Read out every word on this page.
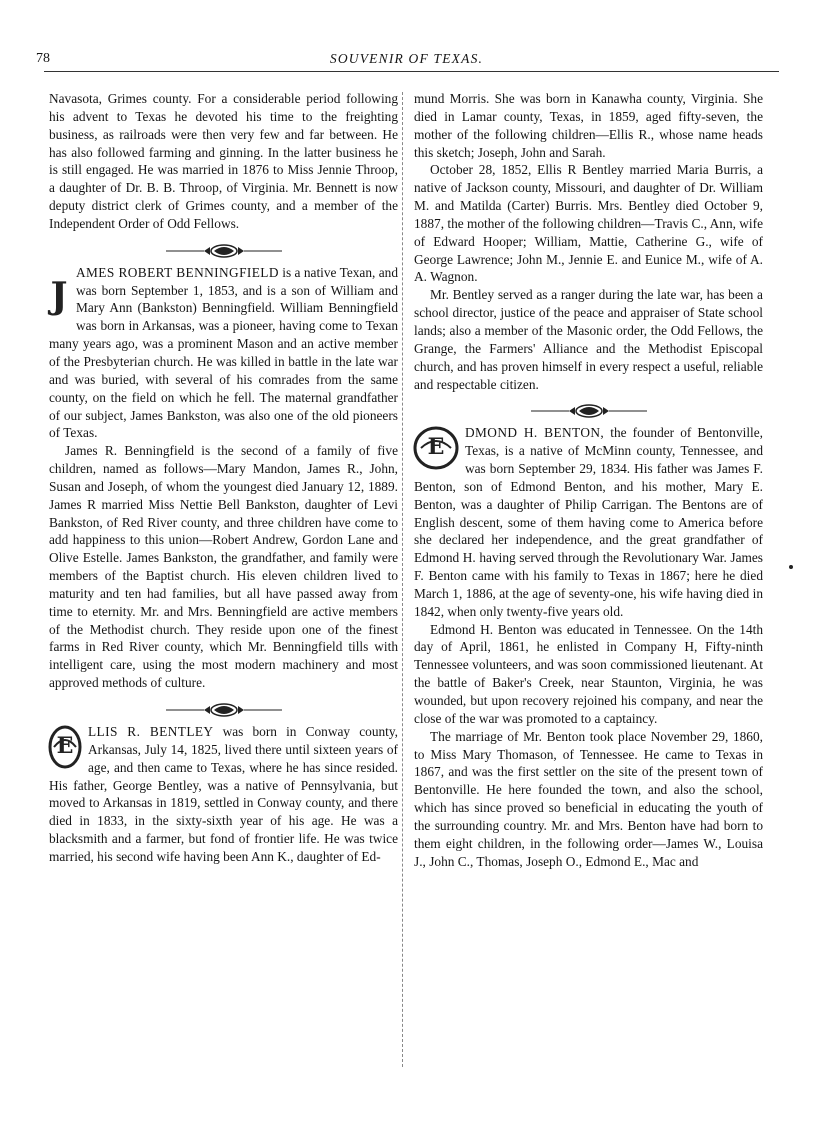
78	SOUVENIR OF TEXAS.

Navasota, Grimes county. For a considerable period following his advent to Texas he devoted his time to the freighting business, as railroads were then very few and far between. He has also followed farming and ginning. In the latter business he is still engaged. He was married in 1876 to Miss Jennie Throop, a daughter of Dr. B. B. Throop, of Virginia. Mr. Bennett is now deputy district clerk of Grimes county, and a member of the Independent Order of Odd Fellows.

J
AMES ROBERT BENNINGFIELD is a native Texan, and was born September 1, 1853, and is a son of William and Mary Ann (Bankston) Benningfield. William Benningfield was born in Arkansas, was a pioneer, having come to Texan many years ago, was a prominent Mason and an active member of the Presbyterian church. He was killed in battle in the late war and was buried, with several of his comrades from the same county, on the field on which he fell. The maternal grandfather of our subject, James Bankston, was also one of the old pioneers of Texas.

James R. Benningfield is the second of a family of five children, named as follows—Mary Mandon, James R., John, Susan and Joseph, of whom the youngest died January 12, 1889. James R married Miss Nettie Bell Bankston, daughter of Levi Bankston, of Red River county, and three children have come to add happiness to this union—Robert Andrew, Gordon Lane and Olive Estelle. James Bankston, the grandfather, and family were members of the Baptist church. His eleven children lived to maturity and ten had families, but all have passed away from time to eternity. Mr. and Mrs. Benningfield are active members of the Methodist church. They reside upon one of the finest farms in Red River county, which Mr. Benningfield tills with intelligent care, using the most modern machinery and most approved methods of culture.

E
LLIS R. BENTLEY was born in Conway county, Arkansas, July 14, 1825, lived there until sixteen years of age, and then came to Texas, where he has since resided. His father, George Bentley, was a native of Pennsylvania, but moved to Arkansas in 1819, settled in Conway county, and there died in 1833, in the sixty-sixth year of his age. He was a blacksmith and a farmer, but fond of frontier life. He was twice married, his second wife having been Ann K., daughter of Ed-

mund Morris. She was born in Kanawha county, Virginia. She died in Lamar county, Texas, in 1859, aged fifty-seven, the mother of the following children—Ellis R., whose name heads this sketch; Joseph, John and Sarah.

October 28, 1852, Ellis R Bentley married Maria Burris, a native of Jackson county, Missouri, and daughter of Dr. William M. and Matilda (Carter) Burris. Mrs. Bentley died October 9, 1887, the mother of the following children—Travis C., Ann, wife of Edward Hooper; William, Mattie, Catherine G., wife of George Lawrence; John M., Jennie E. and Eunice M., wife of A. A. Wagnon.

Mr. Bentley served as a ranger during the late war, has been a school director, justice of the peace and appraiser of State school lands; also a member of the Masonic order, the Odd Fellows, the Grange, the Farmers' Alliance and the Methodist Episcopal church, and has proven himself in every respect a useful, reliable and respectable citizen.

E
DMOND H. BENTON, the founder of Bentonville, Texas, is a native of McMinn county, Tennessee, and was born September 29, 1834. His father was James F. Benton, son of Edmond Benton, and his mother, Mary E. Benton, was a daughter of Philip Carrigan. The Bentons are of English descent, some of them having come to America before she declared her independence, and the great grandfather of Edmond H. having served through the Revolutionary War. James F. Benton came with his family to Texas in 1867; here he died March 1, 1886, at the age of seventy-one, his wife having died in 1842, when only twenty-five years old.

Edmond H. Benton was educated in Tennessee. On the 14th day of April, 1861, he enlisted in Company H, Fifty-ninth Tennessee volunteers, and was soon commissioned lieutenant. At the battle of Baker's Creek, near Staunton, Virginia, he was wounded, but upon recovery rejoined his company, and near the close of the war was promoted to a captaincy.

The marriage of Mr. Benton took place November 29, 1860, to Miss Mary Thomason, of Tennessee. He came to Texas in 1867, and was the first settler on the site of the present town of Bentonville. He here founded the town, and also the school, which has since proved so beneficial in educating the youth of the surrounding country. Mr. and Mrs. Benton have had born to them eight children, in the following order—James W., Louisa J., John C., Thomas, Joseph O., Edmond E., Mac and
